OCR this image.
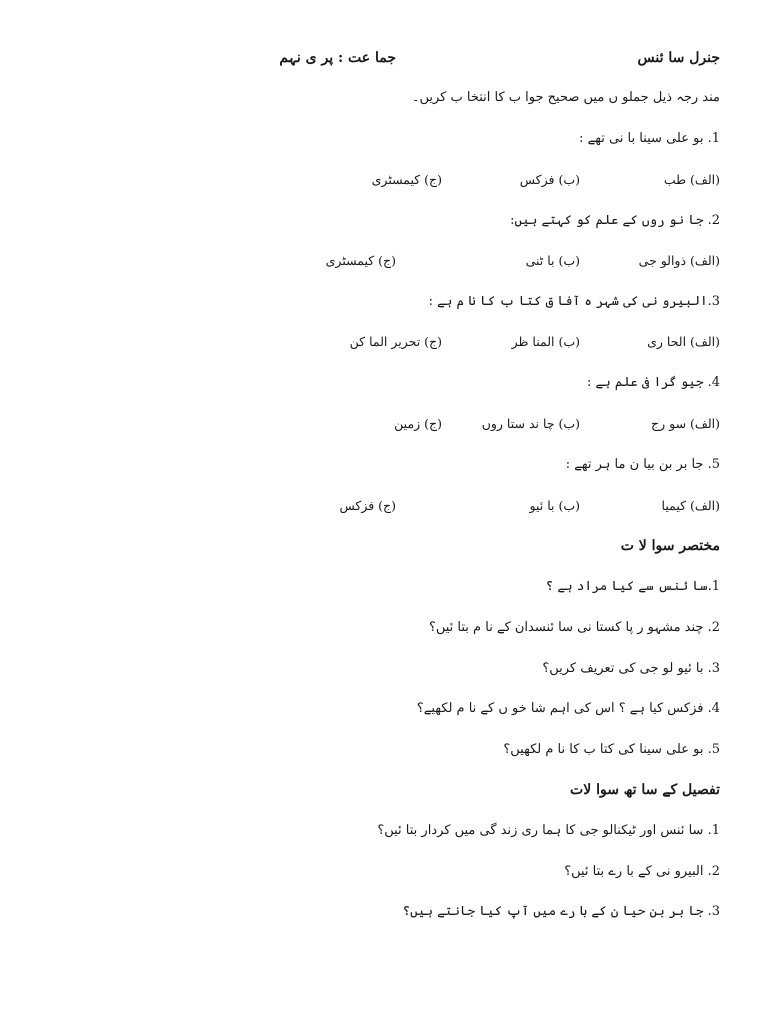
جنرل سا ئنس
جما عت : پر ی نہم
مند رجہ ذیل جملو ں میں صحیح جوا ب کا انتخا ب کریں۔
1. بو علی سینا با نی تھے :
(الف) طب
(ب) فزکس
(ج) کیمسٹری
2. جا نو روں کے علم کو کہتے ہیں:
(الف) ذوالو جی
(ب) با ٹنی
(ج) کیمسٹری
3.البیرو نی کی شہر ہ آفا ق کتا ب کا نا م ہے :
(الف) الحا ری
(ب) المنا ظر
(ج) تحریر الما کن
4. جیو گرا فی علم ہے :
(الف) سو رج
(ب) چا ند ستا روں
(ج) زمین
5. جا بر بن بیا ن ما ہر تھے :
(الف) کیمیا
(ب) با ئیو
(ج) فزکس
مختصر سوا لا ت
1.سا ئنس سے کیا مراد ہے ؟
2. چند مشہو ر پا کستا نی سا ئنسدان کے نا م بتا ئیں؟
3. با ئیو لو جی کی تعریف کریں؟
4. فزکس کیا ہے ؟ اس کی اہم شا خو ں کے نا م لکھیے؟
5. بو علی سینا کی کتا ب کا نا م لکھیں؟
تفصیل کے سا تھ سوا لات
1. سا ئنس اور ٹیکنالو جی کا ہما ری زند گی میں کردار بتا ئیں؟
2. البیرو نی کے با رے بتا ئیں؟
3. جا بر بن حیا ن کے با رے میں آپ کیا جانتے ہیں؟
